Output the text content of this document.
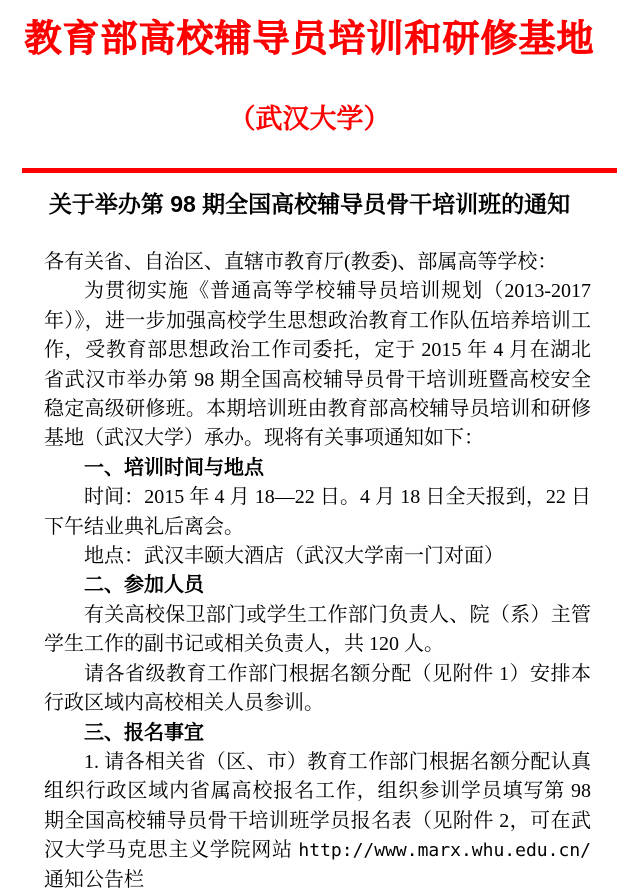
教育部高校辅导员培训和研修基地
（武汉大学）
关于举办第 98 期全国高校辅导员骨干培训班的通知

各有关省、自治区、直辖市教育厅(教委)、部属高等学校：

为贯彻实施《普通高等学校辅导员培训规划（2013-2017 年）》，进一步加强高校学生思想政治教育工作队伍培养培训工作，受教育部思想政治工作司委托，定于 2015 年 4 月在湖北省武汉市举办第 98 期全国高校辅导员骨干培训班暨高校安全稳定高级研修班。本期培训班由教育部高校辅导员培训和研修基地（武汉大学）承办。现将有关事项通知如下：

一、培训时间与地点

时间：2015 年 4 月 18—22 日。4 月 18 日全天报到，22 日下午结业典礼后离会。

地点：武汉丰颐大酒店（武汉大学南一门对面）

二、参加人员

有关高校保卫部门或学生工作部门负责人、院（系）主管学生工作的副书记或相关负责人，共 120 人。

请各省级教育工作部门根据名额分配（见附件 1）安排本行政区域内高校相关人员参训。

三、报名事宜

1. 请各相关省（区、市）教育工作部门根据名额分配认真组织行政区域内省属高校报名工作，组织参训学员填写第 98 期全国高校辅导员骨干培训班学员报名表（见附件 2，可在武汉大学马克思主义学院网站 http://www.marx.whu.edu.cn/通知公告栏
